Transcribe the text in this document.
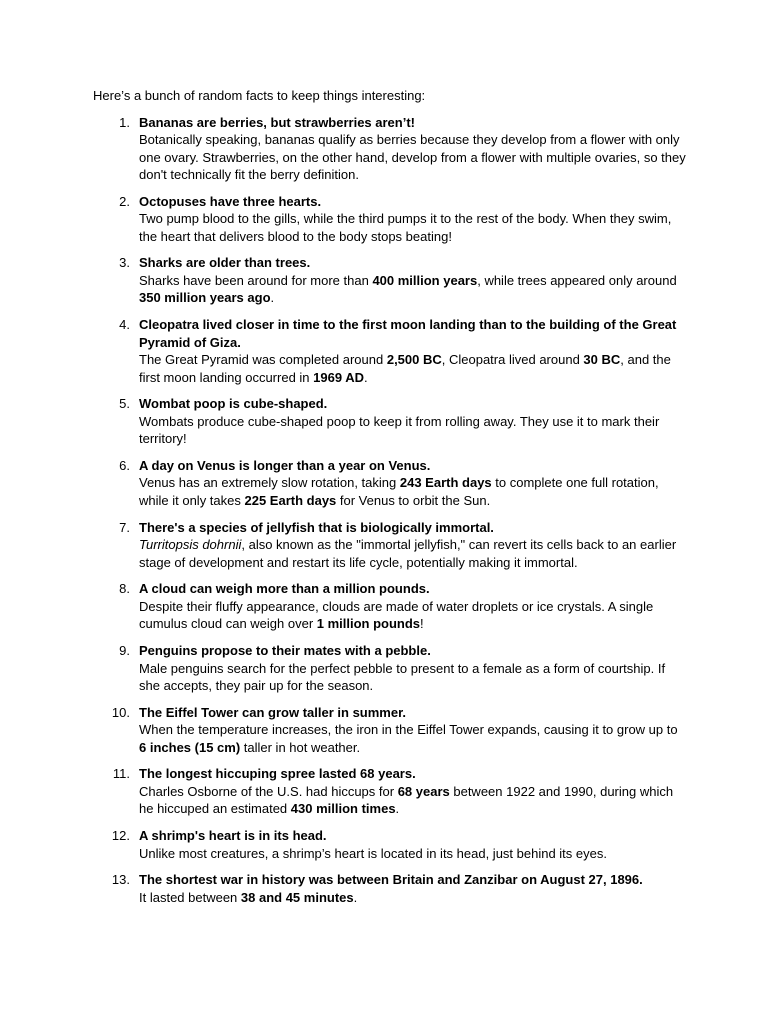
Here’s a bunch of random facts to keep things interesting:

1. Bananas are berries, but strawberries aren’t!
Botanically speaking, bananas qualify as berries because they develop from a flower with only one ovary. Strawberries, on the other hand, develop from a flower with multiple ovaries, so they don't technically fit the berry definition.
2. Octopuses have three hearts.
Two pump blood to the gills, while the third pumps it to the rest of the body. When they swim, the heart that delivers blood to the body stops beating!
3. Sharks are older than trees.
Sharks have been around for more than 400 million years, while trees appeared only around 350 million years ago.
4. Cleopatra lived closer in time to the first moon landing than to the building of the Great Pyramid of Giza.
The Great Pyramid was completed around 2,500 BC, Cleopatra lived around 30 BC, and the first moon landing occurred in 1969 AD.
5. Wombat poop is cube-shaped.
Wombats produce cube-shaped poop to keep it from rolling away. They use it to mark their territory!
6. A day on Venus is longer than a year on Venus.
Venus has an extremely slow rotation, taking 243 Earth days to complete one full rotation, while it only takes 225 Earth days for Venus to orbit the Sun.
7. There's a species of jellyfish that is biologically immortal.
Turritopsis dohrnii, also known as the "immortal jellyfish," can revert its cells back to an earlier stage of development and restart its life cycle, potentially making it immortal.
8. A cloud can weigh more than a million pounds.
Despite their fluffy appearance, clouds are made of water droplets or ice crystals. A single cumulus cloud can weigh over 1 million pounds!
9. Penguins propose to their mates with a pebble.
Male penguins search for the perfect pebble to present to a female as a form of courtship. If she accepts, they pair up for the season.
10. The Eiffel Tower can grow taller in summer.
When the temperature increases, the iron in the Eiffel Tower expands, causing it to grow up to 6 inches (15 cm) taller in hot weather.
11. The longest hiccuping spree lasted 68 years.
Charles Osborne of the U.S. had hiccups for 68 years between 1922 and 1990, during which he hiccuped an estimated 430 million times.
12. A shrimp's heart is in its head.
Unlike most creatures, a shrimp’s heart is located in its head, just behind its eyes.
13. The shortest war in history was between Britain and Zanzibar on August 27, 1896.
It lasted between 38 and 45 minutes.
